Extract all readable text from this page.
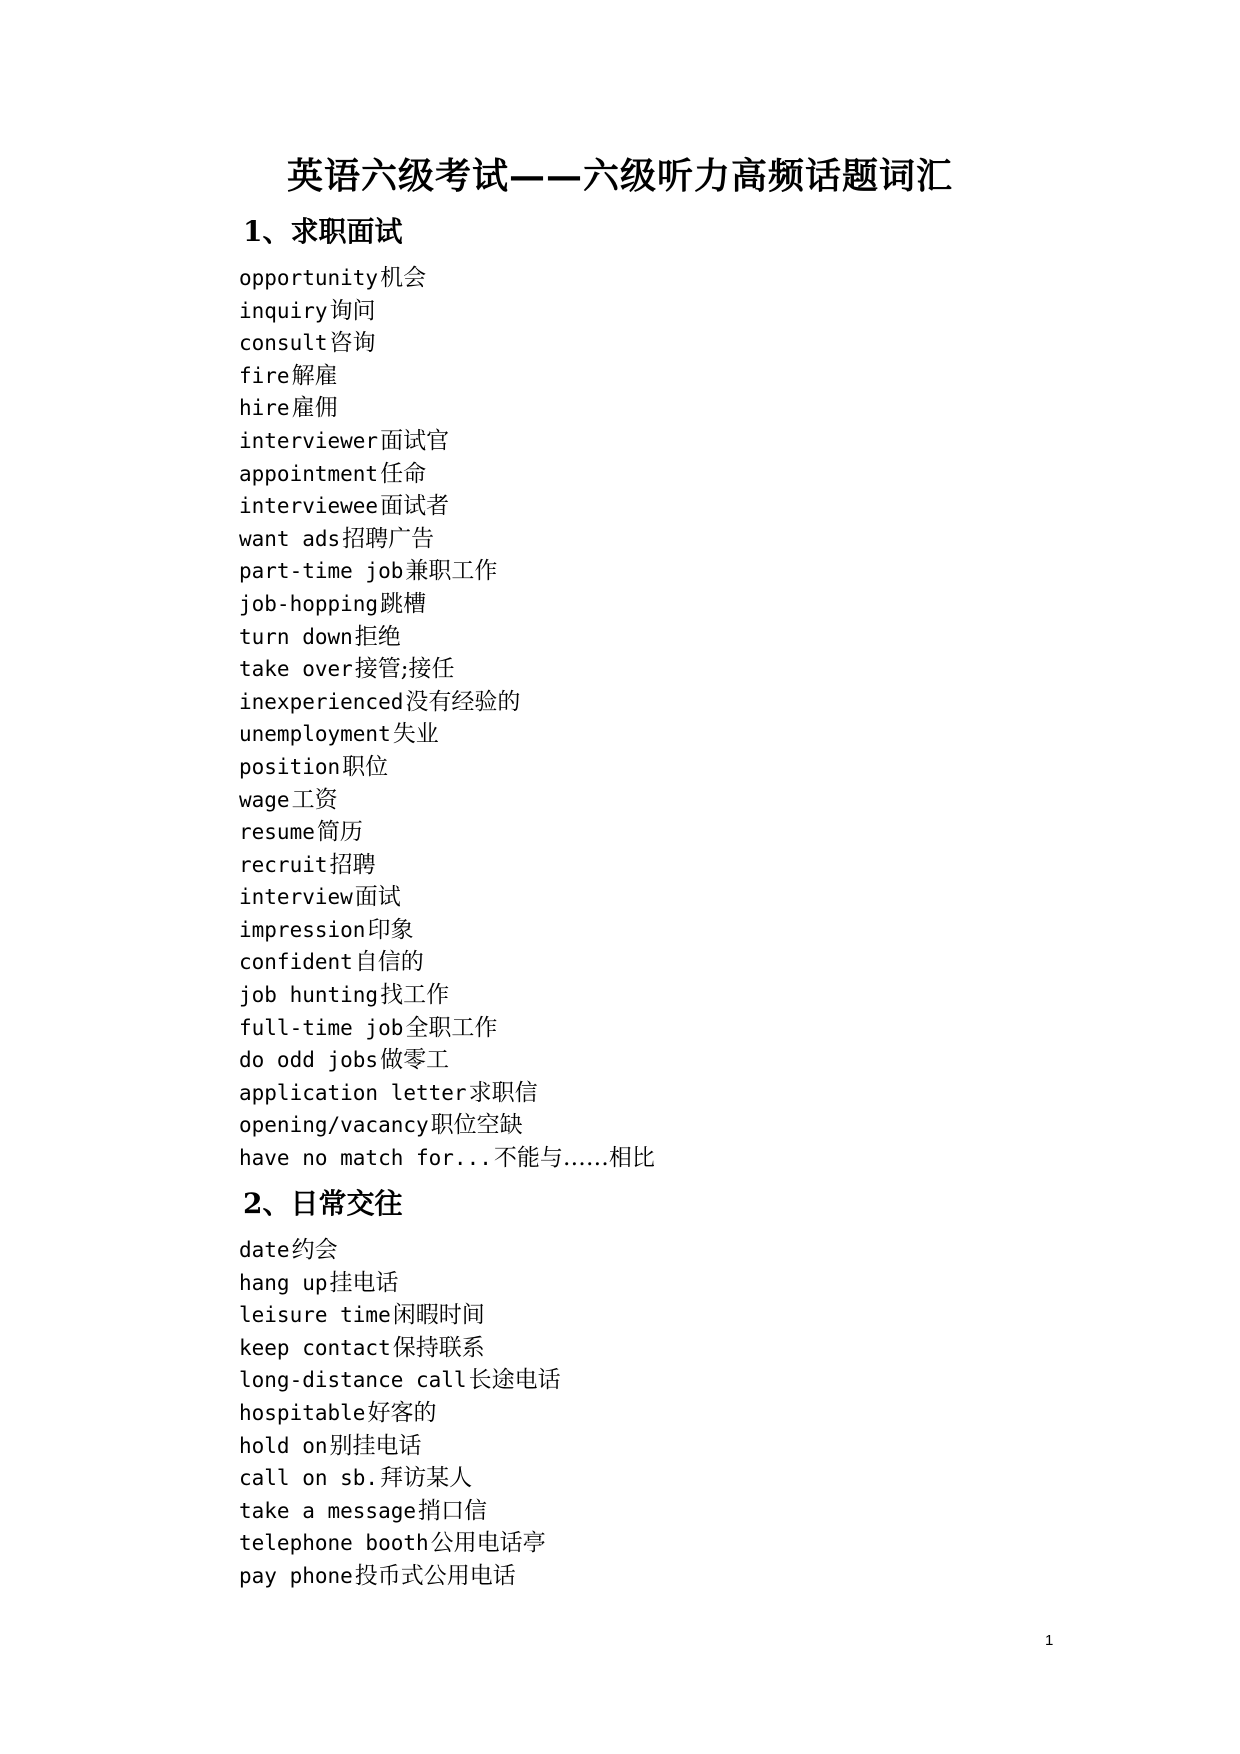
英语六级考试——六级听力高频话题词汇
1、求职面试
opportunity机会
inquiry询问
consult咨询
fire解雇
hire雇佣
interviewer面试官
appointment任命
interviewee面试者
want ads招聘广告
part-time job兼职工作
job-hopping跳槽
turn down拒绝
take over接管;接任
inexperienced没有经验的
unemployment失业
position职位
wage工资
resume简历
recruit招聘
interview面试
impression印象
confident自信的
job hunting找工作
full-time job全职工作
do odd jobs做零工
application letter求职信
opening/vacancy职位空缺
have no match for...不能与……相比
2、日常交往
date约会
hang up挂电话
leisure time闲暇时间
keep contact保持联系
long-distance call长途电话
hospitable好客的
hold on别挂电话
call on sb.拜访某人
take a message捎口信
telephone booth公用电话亭
pay phone投币式公用电话
1
